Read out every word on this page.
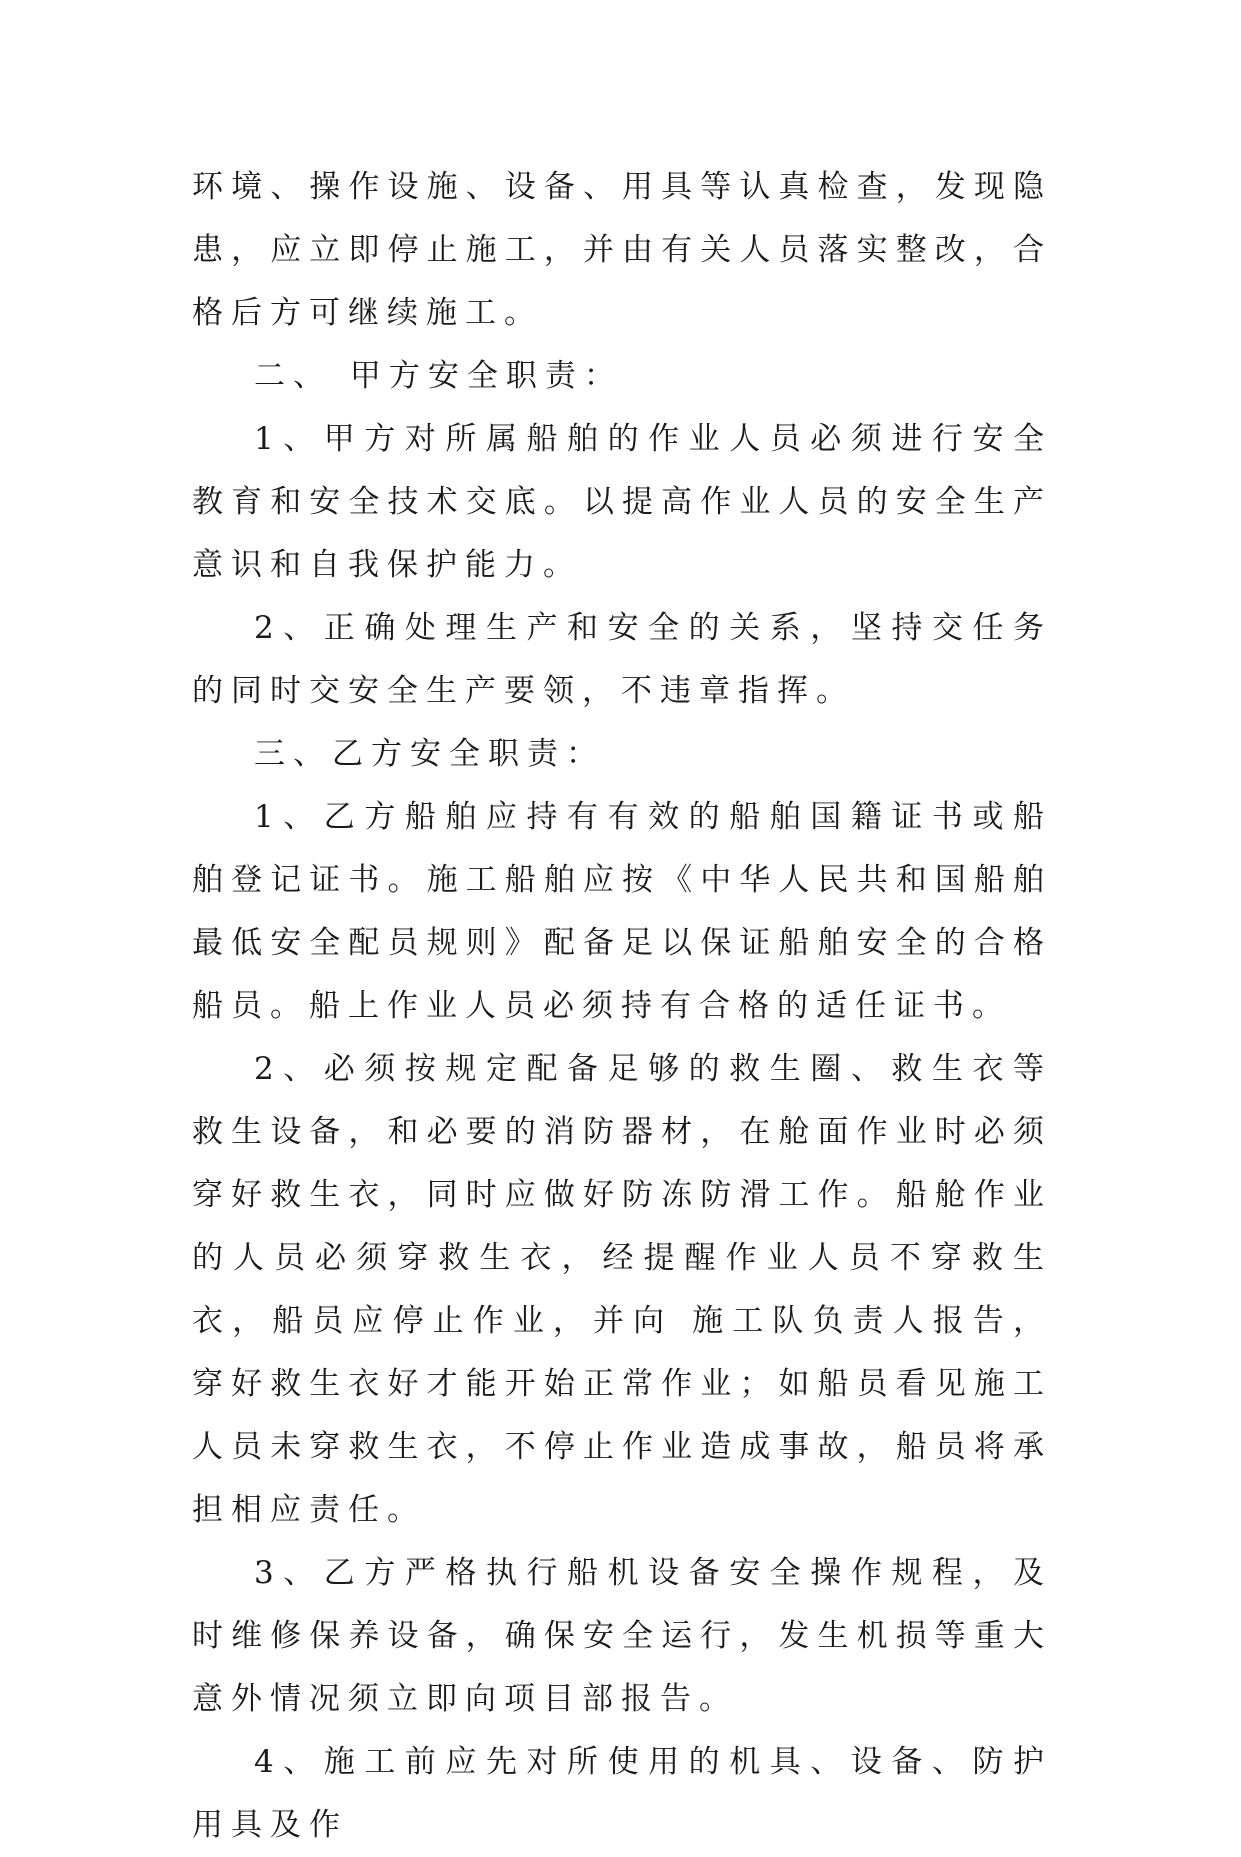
环境、操作设施、设备、用具等认真检查，发现隐患，应立即停止施工，并由有关人员落实整改，合格后方可继续施工。

二、 甲方安全职责：

1、甲方对所属船舶的作业人员必须进行安全教育和安全技术交底。以提高作业人员的安全生产意识和自我保护能力。

2、正确处理生产和安全的关系，坚持交任务的同时交安全生产要领，不违章指挥。

三、乙方安全职责：

1、乙方船舶应持有有效的船舶国籍证书或船舶登记证书。施工船舶应按《中华人民共和国船舶最低安全配员规则》配备足以保证船舶安全的合格船员。船上作业人员必须持有合格的适任证书。

2、必须按规定配备足够的救生圈、救生衣等救生设备，和必要的消防器材，在舱面作业时必须穿好救生衣，同时应做好防冻防滑工作。船舱作业的人员必须穿救生衣，经提醒作业人员不穿救生衣，船员应停止作业，并向 施工队负责人报告，穿好救生衣好才能开始正常作业；如船员看见施工人员未穿救生衣，不停止作业造成事故，船员将承担相应责任。

3、乙方严格执行船机设备安全操作规程，及时维修保养设备，确保安全运行，发生机损等重大意外情况须立即向项目部报告。

4、施工前应先对所使用的机具、设备、防护用具及作
